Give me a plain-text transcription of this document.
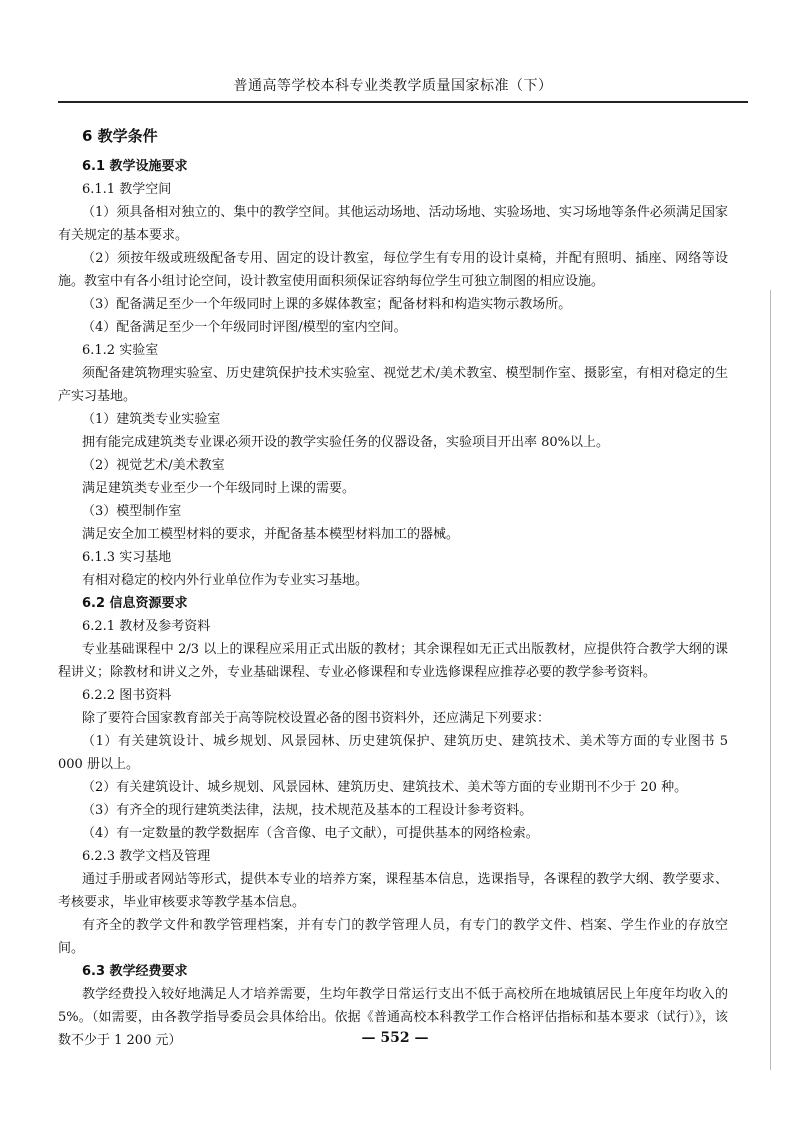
普通高等学校本科专业类教学质量国家标准（下）

6 教学条件

6.1 教学设施要求

6.1.1 教学空间

（1）须具备相对独立的、集中的教学空间。其他运动场地、活动场地、实验场地、实习场地等条件必须满足国家有关规定的基本要求。

（2）须按年级或班级配备专用、固定的设计教室，每位学生有专用的设计桌椅，并配有照明、插座、网络等设施。教室中有各小组讨论空间，设计教室使用面积须保证容纳每位学生可独立制图的相应设施。

（3）配备满足至少一个年级同时上课的多媒体教室；配备材料和构造实物示教场所。

（4）配备满足至少一个年级同时评图/模型的室内空间。

6.1.2 实验室

须配备建筑物理实验室、历史建筑保护技术实验室、视觉艺术/美术教室、模型制作室、摄影室，有相对稳定的生产实习基地。

（1）建筑类专业实验室

拥有能完成建筑类专业课必须开设的教学实验任务的仪器设备，实验项目开出率 80%以上。

（2）视觉艺术/美术教室

满足建筑类专业至少一个年级同时上课的需要。

（3）模型制作室

满足安全加工模型材料的要求，并配备基本模型材料加工的器械。

6.1.3 实习基地

有相对稳定的校内外行业单位作为专业实习基地。

6.2 信息资源要求

6.2.1 教材及参考资料

专业基础课程中 2/3 以上的课程应采用正式出版的教材；其余课程如无正式出版教材，应提供符合教学大纲的课程讲义；除教材和讲义之外，专业基础课程、专业必修课程和专业选修课程应推荐必要的教学参考资料。

6.2.2 图书资料

除了要符合国家教育部关于高等院校设置必备的图书资料外，还应满足下列要求：

（1）有关建筑设计、城乡规划、风景园林、历史建筑保护、建筑历史、建筑技术、美术等方面的专业图书 5 000 册以上。

（2）有关建筑设计、城乡规划、风景园林、建筑历史、建筑技术、美术等方面的专业期刊不少于 20 种。

（3）有齐全的现行建筑类法律，法规，技术规范及基本的工程设计参考资料。

（4）有一定数量的教学数据库（含音像、电子文献），可提供基本的网络检索。

6.2.3 教学文档及管理

通过手册或者网站等形式，提供本专业的培养方案，课程基本信息，选课指导，各课程的教学大纲、教学要求、考核要求，毕业审核要求等教学基本信息。

有齐全的教学文件和教学管理档案，并有专门的教学管理人员，有专门的教学文件、档案、学生作业的存放空间。

6.3 教学经费要求

教学经费投入较好地满足人才培养需要，生均年教学日常运行支出不低于高校所在地城镇居民上年度年均收入的 5%。（如需要，由各教学指导委员会具体给出。依据《普通高校本科教学工作合格评估指标和基本要求（试行）》，该数不少于 1 200 元）	— 552 —
